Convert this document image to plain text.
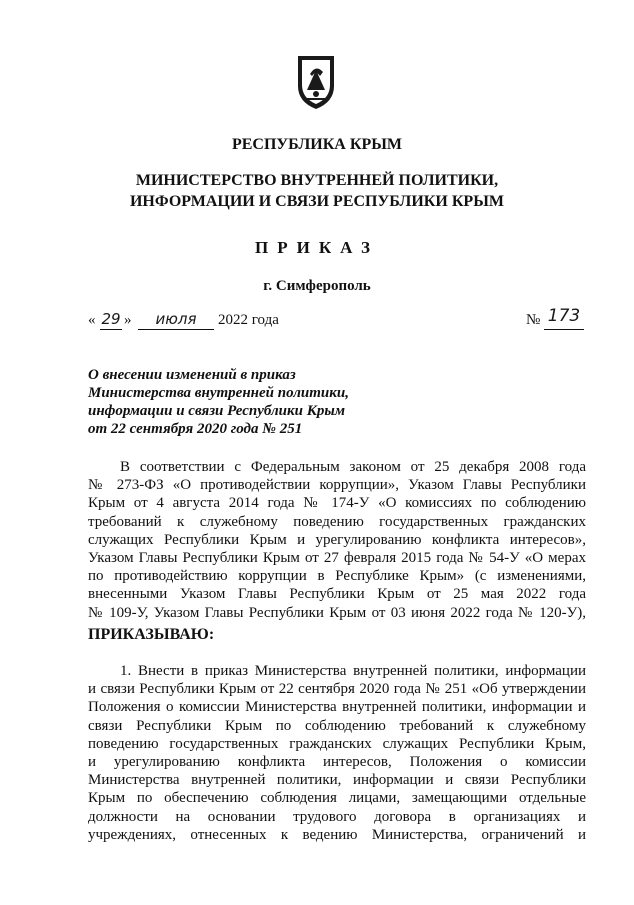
РЕСПУБЛИКА КРЫМ
МИНИСТЕРСТВО ВНУТРЕННЕЙ ПОЛИТИКИ,
ИНФОРМАЦИИ И СВЯЗИ РЕСПУБЛИКИ КРЫМ
ПРИКАЗ
г. Симферополь
« 29 »	июля	2022 года	№ 173
О внесении изменений в приказ
Министерства внутренней политики,
информации и связи Республики Крым
от 22 сентября 2020 года № 251
В соответствии с Федеральным законом от 25 декабря 2008 года
№ 273-ФЗ «О противодействии коррупции», Указом Главы Республики
Крым от 4 августа 2014 года № 174-У «О комиссиях по соблюдению
требований к служебному поведению государственных гражданских
служащих Республики Крым и урегулированию конфликта интересов»,
Указом Главы Республики Крым от 27 февраля 2015 года № 54-У «О мерах
по противодействию коррупции в Республике Крым» (с изменениями,
внесенными Указом Главы Республики Крым от 25 мая 2022 года
№ 109-У, Указом Главы Республики Крым от 03 июня 2022 года № 120-У),
ПРИКАЗЫВАЮ:
1. Внести в приказ Министерства внутренней политики, информации
и связи Республики Крым от 22 сентября 2020 года № 251 «Об утверждении
Положения о комиссии Министерства внутренней политики, информации и
связи Республики Крым по соблюдению требований к служебному
поведению государственных гражданских служащих Республики Крым,
и урегулированию конфликта интересов, Положения о комиссии
Министерства внутренней политики, информации и связи Республики
Крым по обеспечению соблюдения лицами, замещающими отдельные
должности на основании трудового договора в организациях и
учреждениях, отнесенных к ведению Министерства, ограничений и
